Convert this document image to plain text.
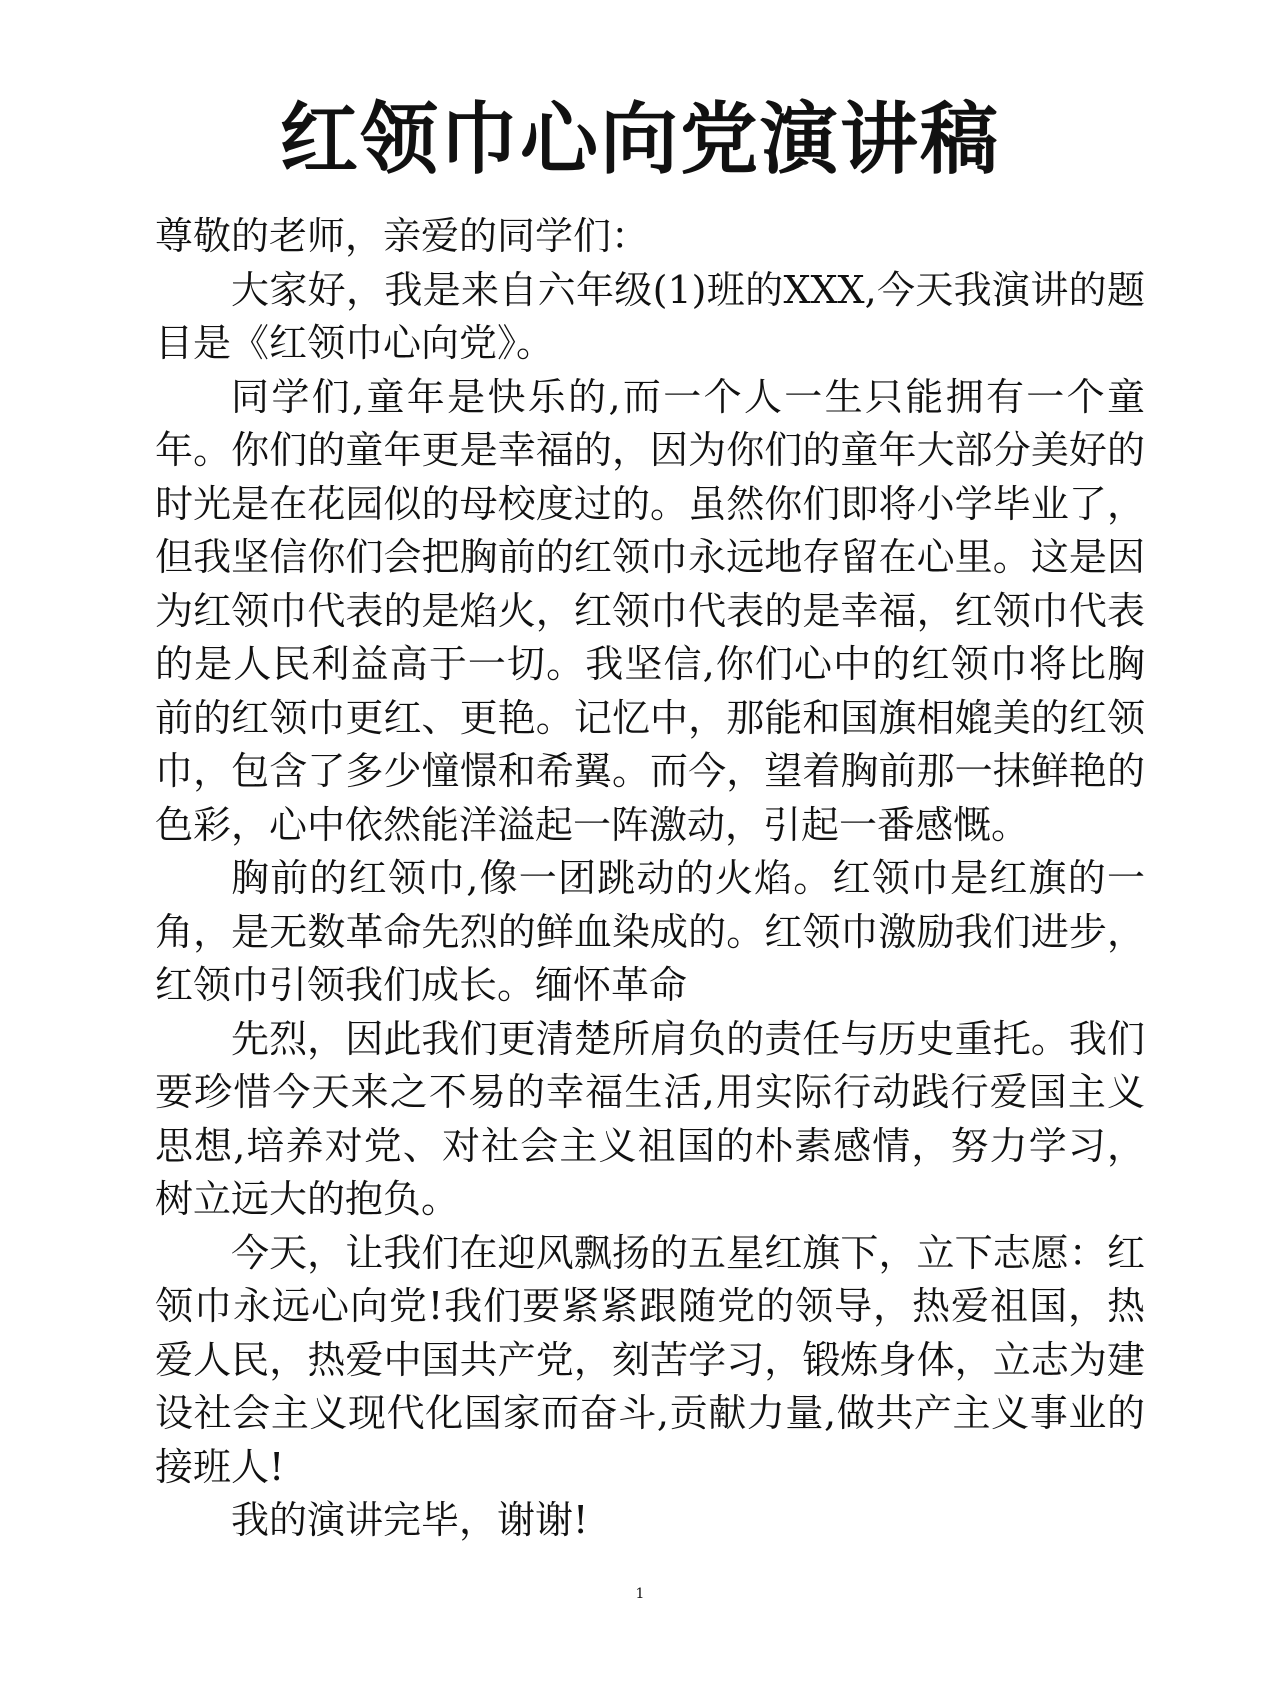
红领巾心向党演讲稿

尊敬的老师，亲爱的同学们：

大家好，我是来自六年级(1)班的XXX,今天我演讲的题目是《红领巾心向党》。

同学们,童年是快乐的,而一个人一生只能拥有一个童年。你们的童年更是幸福的，因为你们的童年大部分美好的时光是在花园似的母校度过的。虽然你们即将小学毕业了，但我坚信你们会把胸前的红领巾永远地存留在心里。这是因为红领巾代表的是焰火，红领巾代表的是幸福，红领巾代表的是人民利益高于一切。我坚信,你们心中的红领巾将比胸前的红领巾更红、更艳。记忆中，那能和国旗相媲美的红领巾，包含了多少憧憬和希翼。而今，望着胸前那一抹鲜艳的色彩，心中依然能洋溢起一阵激动，引起一番感慨。

胸前的红领巾,像一团跳动的火焰。红领巾是红旗的一角，是无数革命先烈的鲜血染成的。红领巾激励我们进步，红领巾引领我们成长。缅怀革命

先烈，因此我们更清楚所肩负的责任与历史重托。我们要珍惜今天来之不易的幸福生活,用实际行动践行爱国主义思想,培养对党、对社会主义祖国的朴素感情，努力学习，树立远大的抱负。

今天，让我们在迎风飘扬的五星红旗下，立下志愿：红领巾永远心向党!我们要紧紧跟随党的领导，热爱祖国，热爱人民，热爱中国共产党，刻苦学习，锻炼身体，立志为建设社会主义现代化国家而奋斗,贡献力量,做共产主义事业的接班人!

我的演讲完毕，谢谢!

1
